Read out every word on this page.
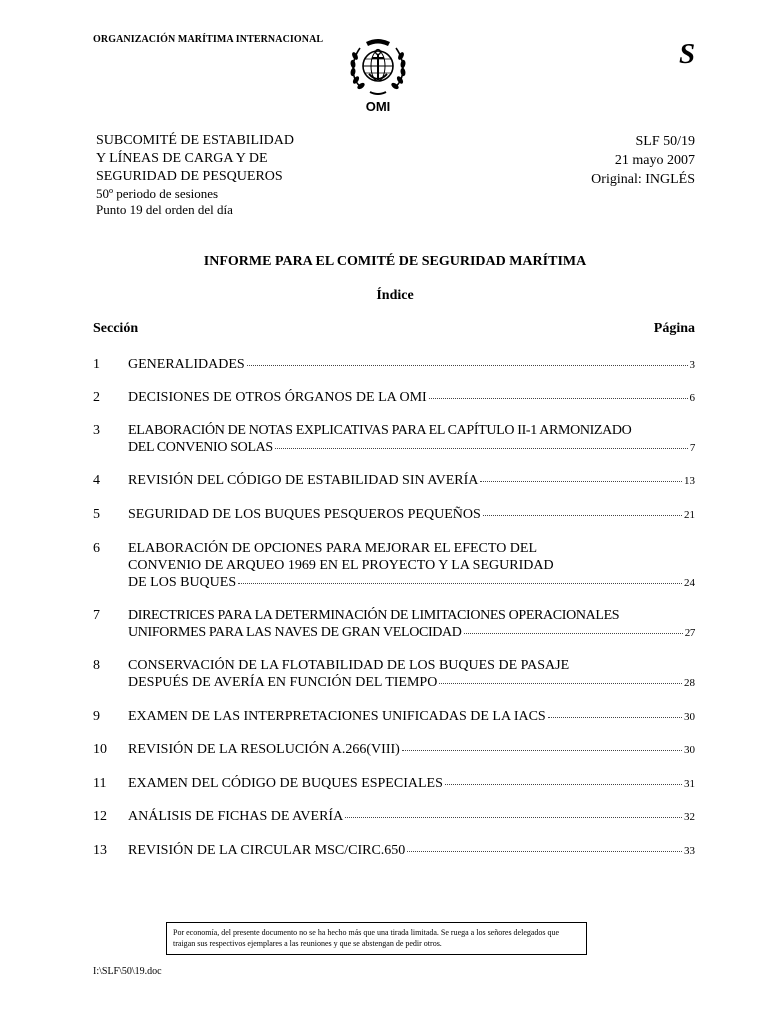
ORGANIZACIÓN MARÍTIMA INTERNACIONAL
OMI
S
SUBCOMITÉ DE ESTABILIDAD
Y LÍNEAS DE CARGA Y DE
SEGURIDAD DE PESQUEROS
50º periodo de sesiones
Punto 19 del orden del día
SLF 50/19
21 mayo 2007
Original: INGLÉS
INFORME PARA EL COMITÉ DE SEGURIDAD MARÍTIMA
Índice
Sección	Página
1	GENERALIDADES	3
2	DECISIONES DE OTROS ÓRGANOS DE LA OMI	6
3	ELABORACIÓN DE NOTAS EXPLICATIVAS PARA EL CAPÍTULO II-1 ARMONIZADO
DEL CONVENIO SOLAS	7
4	REVISIÓN DEL CÓDIGO DE ESTABILIDAD SIN AVERÍA	13
5	SEGURIDAD DE LOS BUQUES PESQUEROS PEQUEÑOS	21
6	ELABORACIÓN DE OPCIONES PARA MEJORAR EL EFECTO DEL
CONVENIO DE ARQUEO 1969 EN EL PROYECTO Y LA SEGURIDAD
DE LOS BUQUES	24
7	DIRECTRICES PARA LA DETERMINACIÓN DE LIMITACIONES OPERACIONALES
UNIFORMES PARA LAS NAVES DE GRAN VELOCIDAD	27
8	CONSERVACIÓN DE LA FLOTABILIDAD DE LOS BUQUES DE PASAJE
DESPUÉS DE AVERÍA EN FUNCIÓN DEL TIEMPO	28
9	EXAMEN DE LAS INTERPRETACIONES UNIFICADAS DE LA IACS	30
10	REVISIÓN DE LA RESOLUCIÓN A.266(VIII)	30
11	EXAMEN DEL CÓDIGO DE BUQUES ESPECIALES	31
12	ANÁLISIS DE FICHAS DE AVERÍA	32
13	REVISIÓN DE LA CIRCULAR MSC/CIRC.650	33
Por economía, del presente documento no se ha hecho más que una tirada limitada. Se ruega a los señores delegados que traigan sus respectivos ejemplares a las reuniones y que se abstengan de pedir otros.
I:\SLF\50\19.doc
